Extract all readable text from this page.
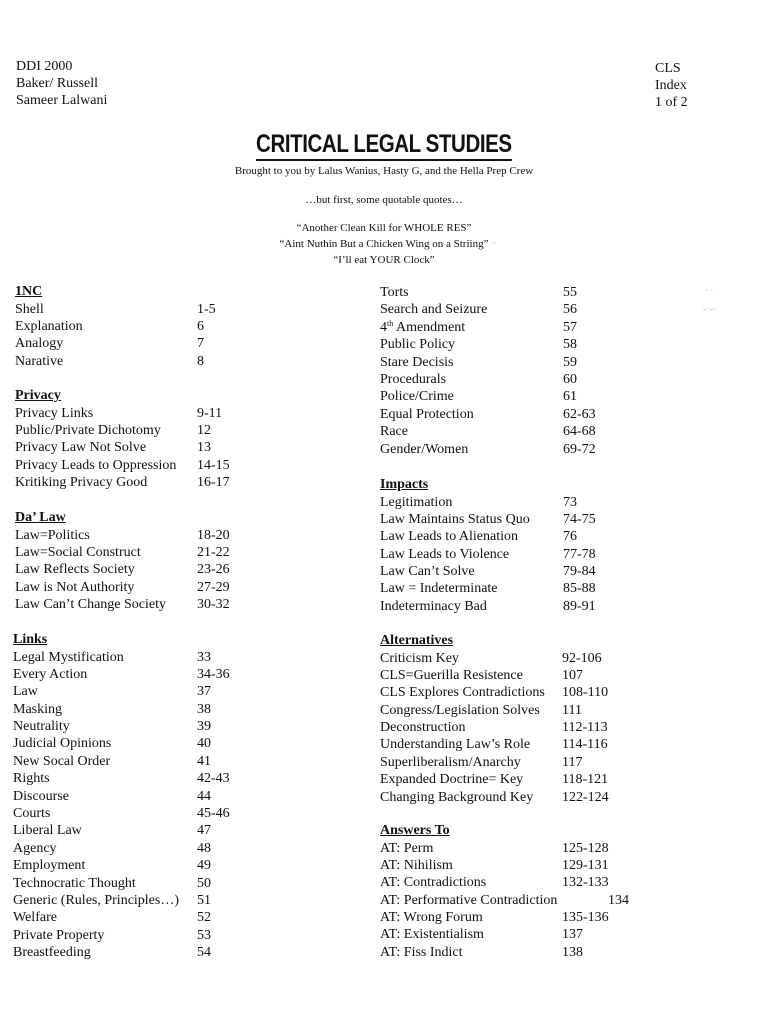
DDI 2000
Baker/ Russell
Sameer Lalwani
CLS
Index
1 of 2
CRITICAL LEGAL STUDIES
Brought to you by Lalus Wanius, Hasty G, and the Hella Prep Crew
…but first, some quotable quotes…
“Another Clean Kill for WHOLE RES”
“Aint Nuthin But a Chicken Wing on a Striing”
“I’ll eat YOUR Clock”
-
· ·
- ·-·
1NC
Shell	1-5
Explanation	6
Analogy	7
Narative	8
Privacy
Privacy Links	9-11
Public/Private Dichotomy	12
Privacy Law Not Solve	13
Privacy Leads to Oppression 14-15
Kritiking Privacy Good	16-17
Da’ Law
Law=Politics	18-20
Law=Social Construct	21-22
Law Reflects Society	23-26
Law is Not Authority	27-29
Law Can’t Change Society 30-32
Links
Legal Mystification	33
Every Action	34-36
Law	37
Masking	38
Neutrality	39
Judicial Opinions	40
New Socal Order	41
Rights	42-43
Discourse	44
Courts	45-46
Liberal Law	47
Agency	48
Employment	49
Technocratic Thought	50
Generic (Rules, Principles…) 51
Welfare	52
Private Property	53
Breastfeeding	54
Torts	55
Search and Seizure	56
4th Amendment	57
Public Policy	58
Stare Decisis	59
Procedurals	60
Police/Crime	61
Equal Protection	62-63
Race	64-68
Gender/Women	69-72
Impacts
Legitimation	73
Law Maintains Status Quo 74-75
Law Leads to Alienation	76
Law Leads to Violence	77-78
Law Can’t Solve	79-84
Law = Indeterminate	85-88
Indeterminacy Bad	89-91
Alternatives
Criticism Key	92-106
CLS=Guerilla Resistence	107
CLS Explores Contradictions 108-110
Congress/Legislation Solves 111
Deconstruction	112-113
Understanding Law’s Role 114-116
Superliberalism/Anarchy	117
Expanded Doctrine= Key	118-121
Changing Background Key 122-124
Answers To
AT: Perm	125-128
AT: Nihilism	129-131
AT: Contradictions	132-133
AT: Performative Contradiction	134
AT: Wrong Forum	135-136
AT: Existentialism	137
AT: Fiss Indict	138
